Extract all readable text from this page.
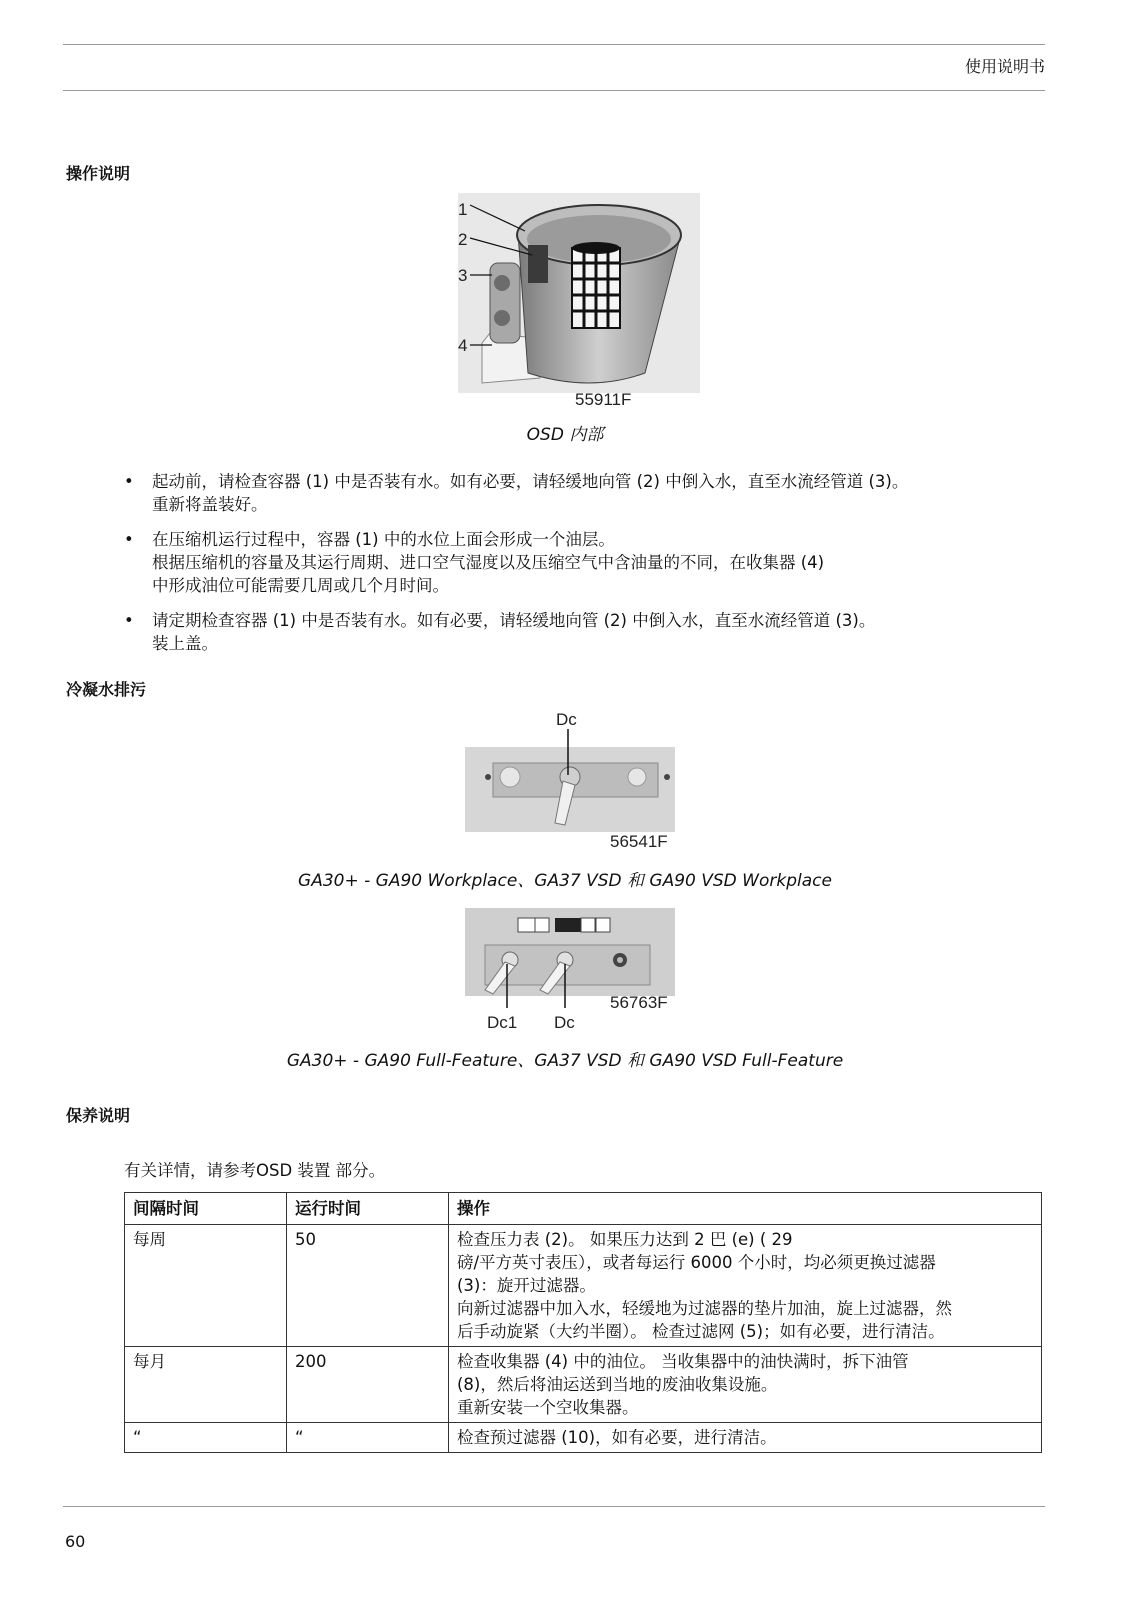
使用说明书
操作说明
1
2
3
4
55911F
OSD 内部
• 起动前，请检查容器 (1) 中是否装有水。如有必要，请轻缓地向管 (2) 中倒入水，直至水流经管道 (3)。
重新将盖装好。
• 在压缩机运行过程中，容器 (1) 中的水位上面会形成一个油层。
根据压缩机的容量及其运行周期、进口空气湿度以及压缩空气中含油量的不同，在收集器 (4)
中形成油位可能需要几周或几个月时间。
• 请定期检查容器 (1) 中是否装有水。如有必要，请轻缓地向管 (2) 中倒入水，直至水流经管道 (3)。
装上盖。
冷凝水排污
Dc
56541F
GA30+ - GA90 Workplace、GA37 VSD 和 GA90 VSD Workplace
56763F
Dc1 Dc
GA30+ - GA90 Full-Feature、GA37 VSD 和 GA90 VSD Full-Feature
保养说明
有关详情，请参考OSD 装置 部分。
间隔时间	运行时间	操作
每周	50	检查压力表 (2)。 如果压力达到 2 巴 (e) ( 29
磅/平方英寸表压），或者每运行 6000 个小时，均必须更换过滤器
(3)：旋开过滤器。
向新过滤器中加入水，轻缓地为过滤器的垫片加油，旋上过滤器，然
后手动旋紧（大约半圈）。 检查过滤网 (5)；如有必要，进行清洁。

每月	200	检查收集器 (4) 中的油位。 当收集器中的油快满时，拆下油管
(8)，然后将油运送到当地的废油收集设施。
重新安装一个空收集器。

“	“	检查预过滤器 (10)，如有必要，进行清洁。
60
